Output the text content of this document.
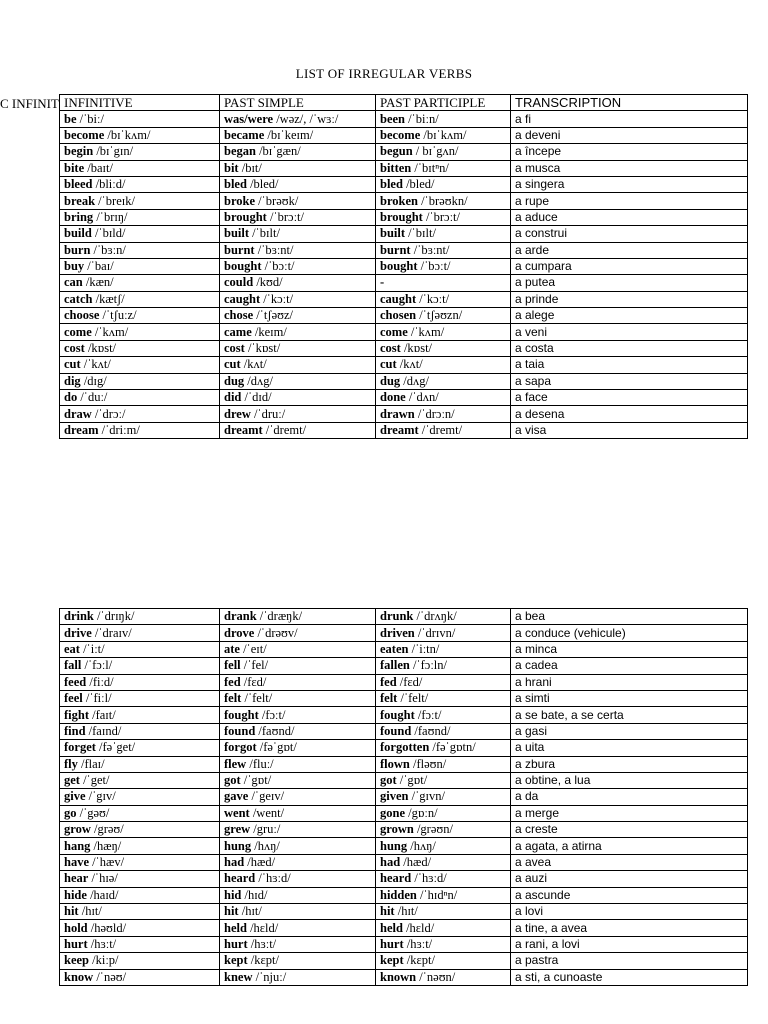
LIST OF IRREGULAR VERBS
C INFINIT INFINITIVE	PAST SIMPLE	PAST PARTICIPLE	TRANSCRIPTION
be /ˈbiː/	was/were /wəz/, /ˈwɜː/	been /ˈbiːn/	a fi
become /bɪˈkʌm/	became /bɪˈkeɪm/	become /bɪˈkʌm/	a deveni
begin /bɪˈgɪn/	began /bɪˈgæn/	begun / bɪˈgʌn/	a începe
bite /baɪt/	bit /bɪt/	bitten /ˈbɪtⁿn/	a musca
bleed /bliːd/	bled /bled/	bled /bled/	a singera
break /ˈbreɪk/	broke /ˈbrəʊk/	broken /ˈbrəʊkn/	a rupe
bring /ˈbrɪŋ/	brought /ˈbrɔːt/	brought /ˈbrɔːt/	a aduce
build /ˈbɪld/	built /ˈbɪlt/	built /ˈbɪlt/	a construi
burn /ˈbɜːn/	burnt /ˈbɜːnt/	burnt /ˈbɜːnt/	a arde
buy /ˈbaɪ/	bought /ˈbɔːt/	bought /ˈbɔːt/	a cumpara
can /kæn/	could /kʊd/	-	a putea
catch /kætʃ/	caught /ˈkɔːt/	caught /ˈkɔːt/	a prinde
choose /ˈtʃuːz/	chose /ˈtʃəʊz/	chosen /ˈtʃəʊzn/	a alege
come /ˈkʌm/	came /keɪm/	come /ˈkʌm/	a veni
cost /kɒst/	cost /ˈkɒst/	cost /kɒst/	a costa
cut /ˈkʌt/	cut /kʌt/	cut /kʌt/	a taia
dig /dɪg/	dug /dʌg/	dug /dʌg/	a sapa
do /ˈduː/	did /ˈdɪd/	done /ˈdʌn/	a face
draw /ˈdrɔː/	drew /ˈdruː/	drawn /ˈdrɔːn/	a desena
dream /ˈdriːm/	dreamt /ˈdremt/	dreamt /ˈdremt/	a visa
drink /ˈdrɪŋk/	drank /ˈdræŋk/	drunk /ˈdrʌŋk/	a bea
drive /ˈdraɪv/	drove /ˈdrəʊv/	driven /ˈdrɪvn/	a conduce (vehicule)
eat /ˈiːt/	ate /ˈeɪt/	eaten /ˈiːtn/	a minca
fall /ˈfɔːl/	fell /ˈfel/	fallen /ˈfɔːln/	a cadea
feed /fiːd/	fed /fɛd/	fed /fɛd/	a hrani
feel /ˈfiːl/	felt /ˈfelt/	felt /ˈfelt/	a simti
fight /faɪt/	fought /fɔːt/	fought /fɔːt/	a se bate, a se certa
find /faɪnd/	found /faʊnd/	found /faʊnd/	a gasi
forget /fəˈget/	forgot /fəˈgɒt/	forgotten /fəˈgɒtn/	a uita
fly /flaɪ/	flew /fluː/	flown /fləʊn/	a zbura
get /ˈget/	got /ˈgɒt/	got /ˈgɒt/	a obtine, a lua
give /ˈgɪv/	gave /ˈgeɪv/	given /ˈgɪvn/	a da
go /ˈgəʊ/	went /went/	gone /gɒːn/	a merge
grow /grəʊ/	grew /gruː/	grown /grəʊn/	a creste
hang /hæŋ/	hung /hʌŋ/	hung /hʌŋ/	a agata, a atirna
have /ˈhæv/	had /hæd/	had /hæd/	a avea
hear /ˈhɪə/	heard /ˈhɜːd/	heard /ˈhɜːd/	a auzi
hide /haɪd/	hid /hɪd/	hidden /ˈhɪdⁿn/	a ascunde
hit /hɪt/	hit /hɪt/	hit /hɪt/	a lovi
hold /həʊld/	held /hɛld/	held /hɛld/	a tine, a avea
hurt /hɜːt/	hurt /hɜːt/	hurt /hɜːt/	a rani, a lovi
keep /kiːp/	kept /kɛpt/	kept /kɛpt/	a pastra
know /ˈnəʊ/	knew /ˈnjuː/	known /ˈnəʊn/	a sti, a cunoaste
